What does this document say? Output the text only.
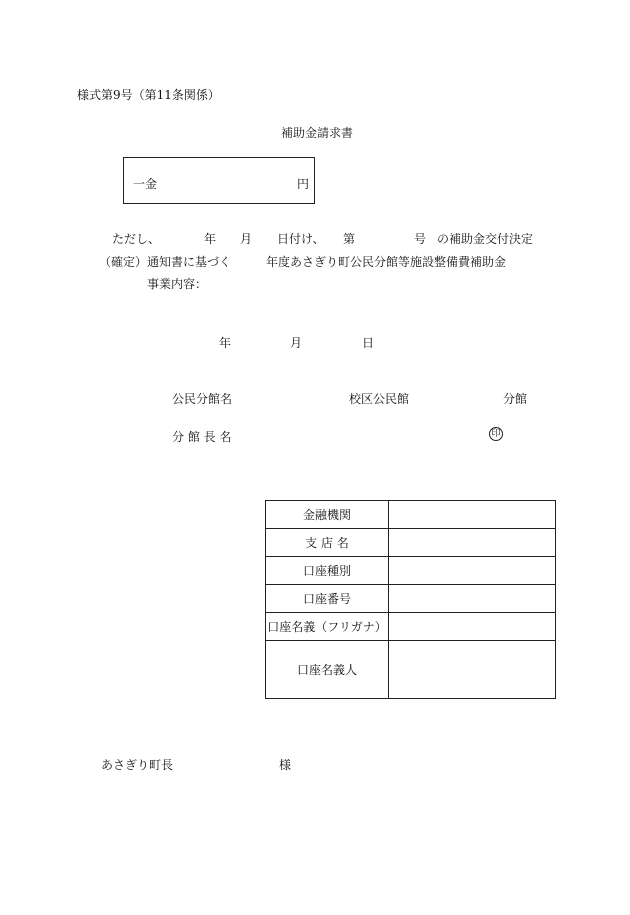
様式第9号（第11条関係）
補助金請求書
一金	円
ただし、	年 月 日付け、 第	号 の補助金交付決定
（確定）通知書に基づく	年度あさぎり町公民分館等施設整備費補助金
事業内容：
年	月	日
公民分館名	校区公民館	分館
分 館 長 名	印
金融機関	
支 店 名	
口座種別	
口座番号	
口座名義（フリガナ）	
口座名義人	
あさぎり町長	様
